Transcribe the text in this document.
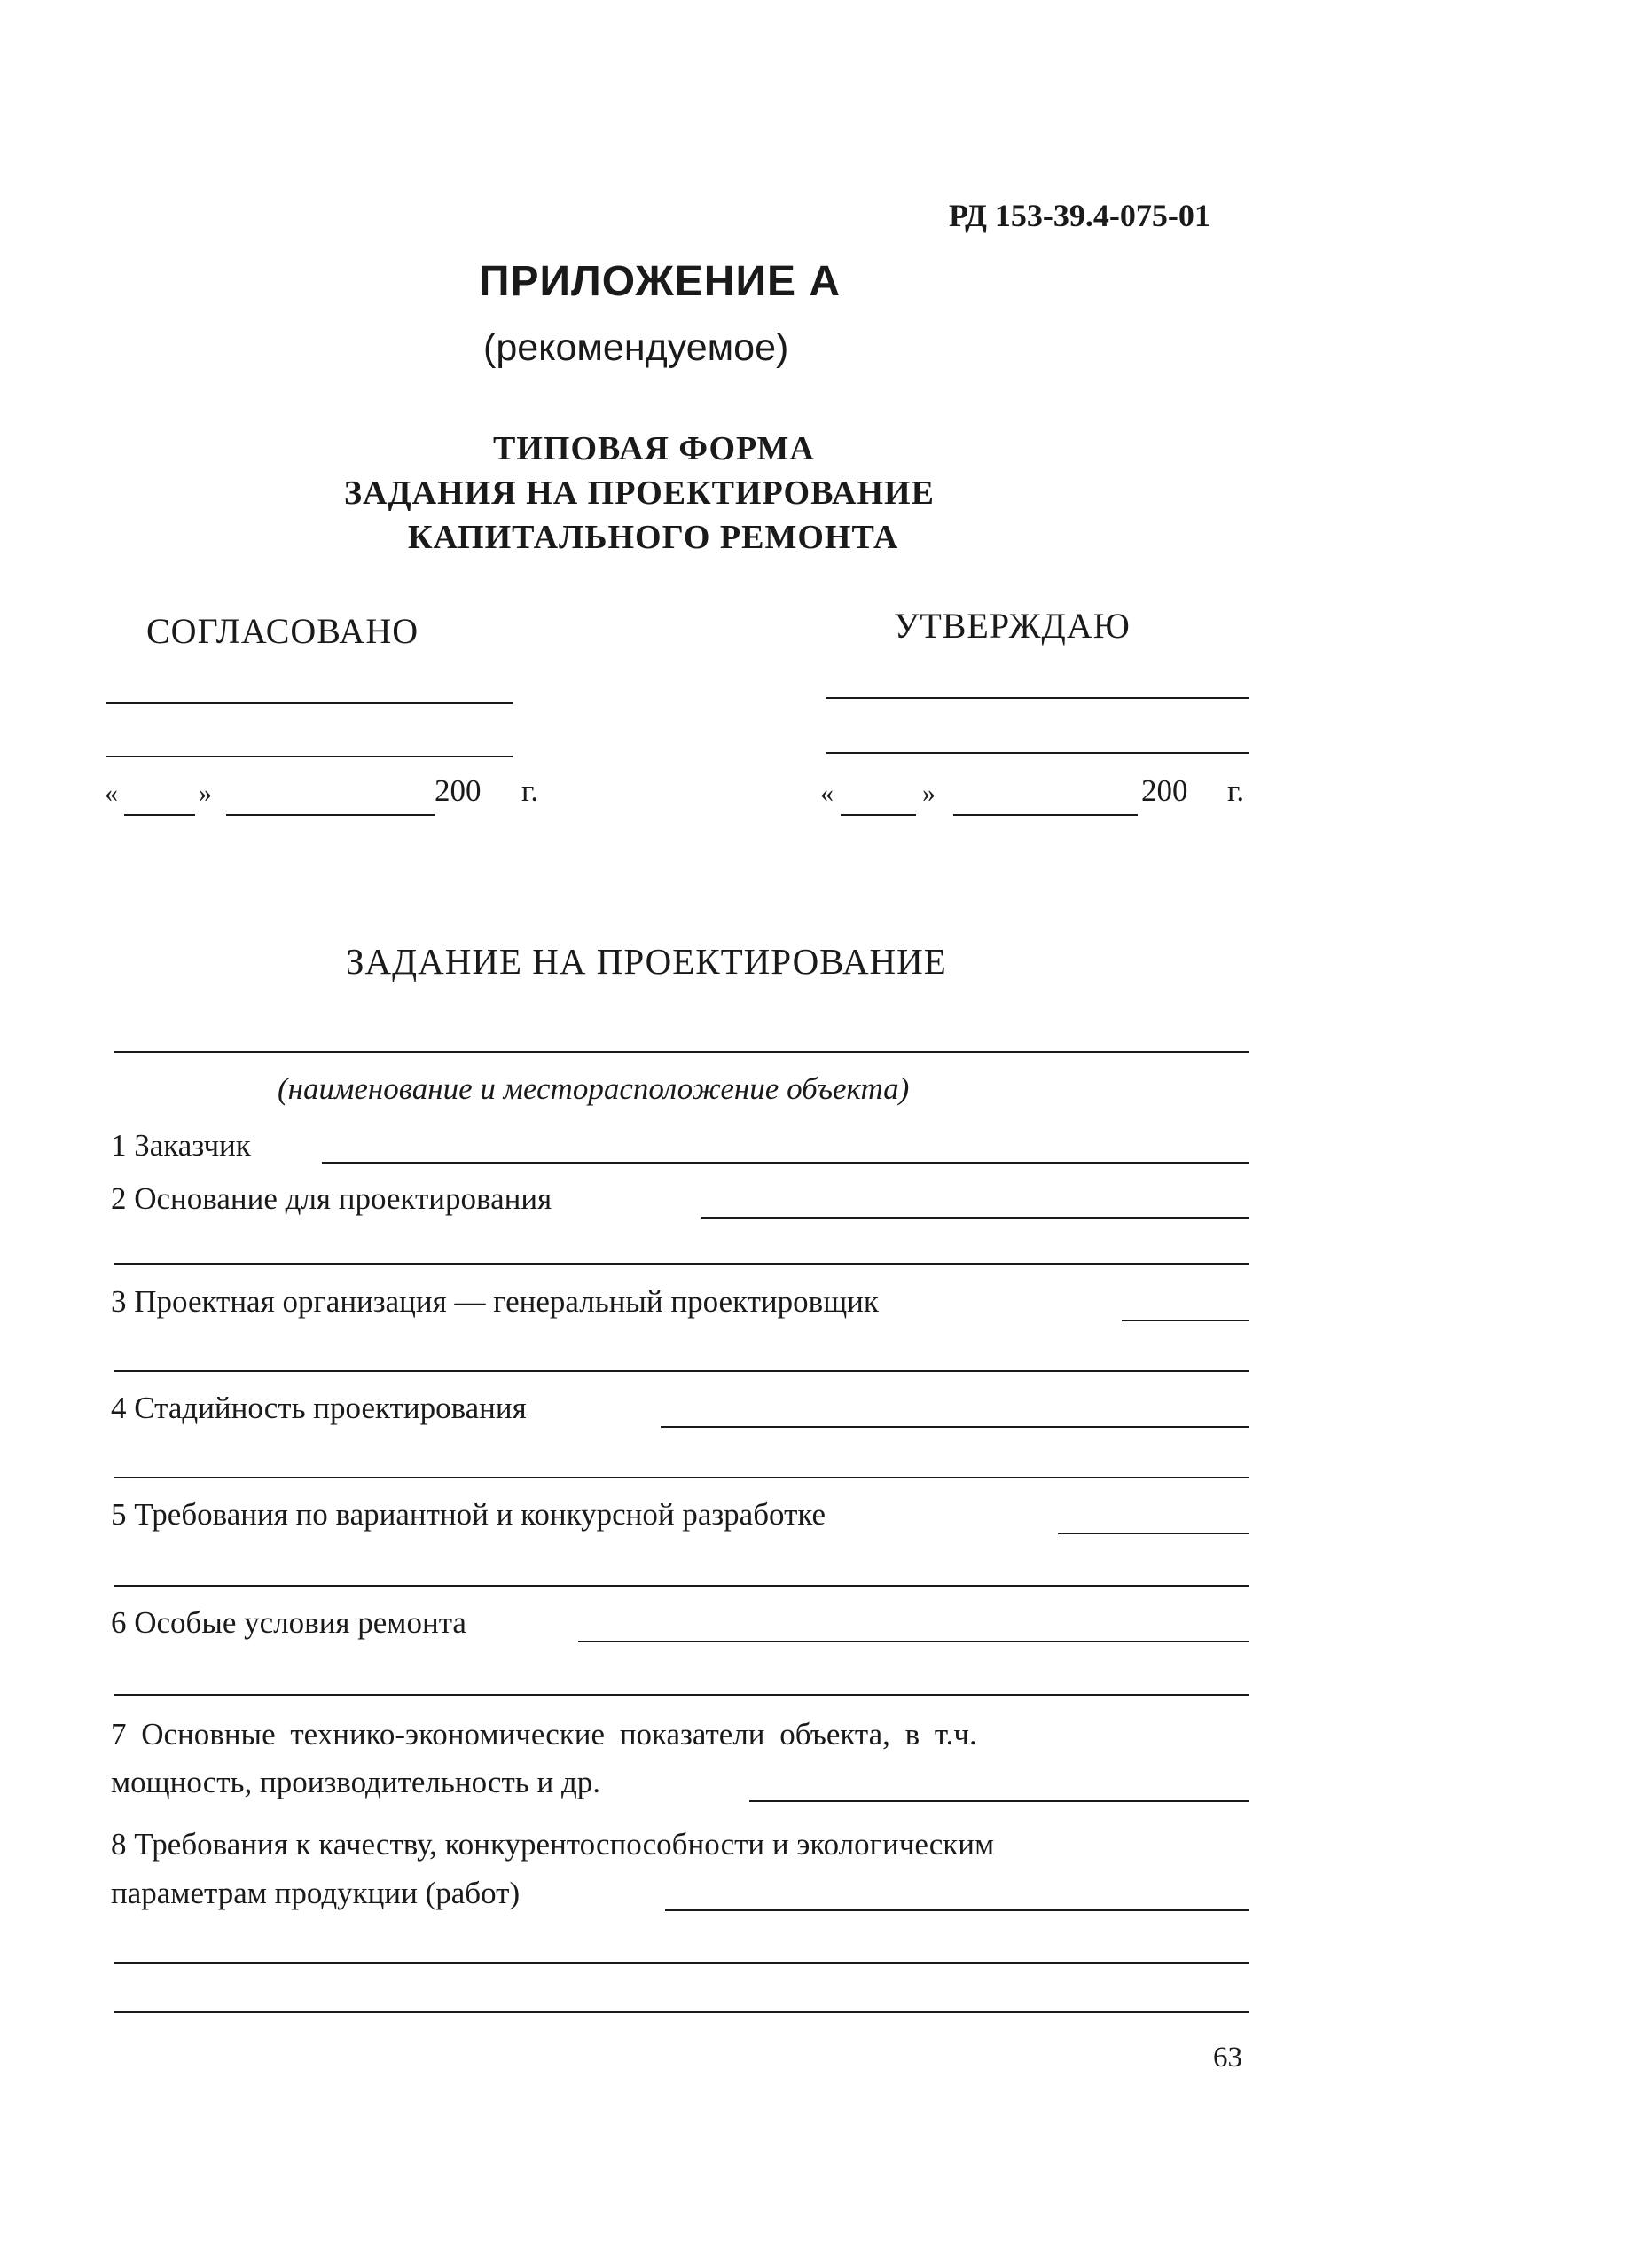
РД 153-39.4-075-01
ПРИЛОЖЕНИЕ А
(рекомендуемое)
ТИПОВАЯ ФОРМА
ЗАДАНИЯ НА ПРОЕКТИРОВАНИЕ
КАПИТАЛЬНОГО РЕМОНТА
СОГЛАСОВАНО
«	»	200 г.
УТВЕРЖДАЮ
«	»	200 г.
ЗАДАНИЕ НА ПРОЕКТИРОВАНИЕ
(наименование и месторасположение объекта)
1 Заказчик
2 Основание для проектирования
3 Проектная организация — генеральный проектировщик
4 Стадийность проектирования
5 Требования по вариантной и конкурсной разработке
6 Особые условия ремонта
7 Основные технико-экономические показатели объекта, в т.ч.
мощность, производительность и др.
8 Требования к качеству, конкурентоспособности и экологическим
параметрам продукции (работ)
63
